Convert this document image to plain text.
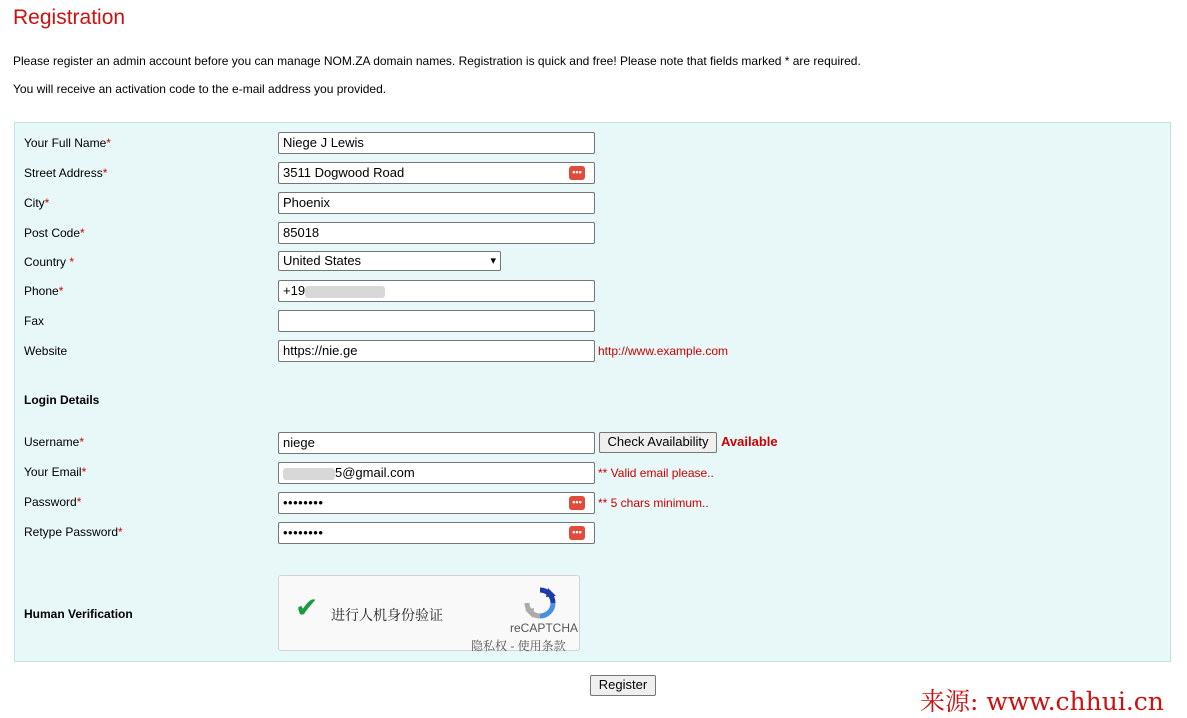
Registration
Please register an admin account before you can manage NOM.ZA domain names. Registration is quick and free! Please note that fields marked * are required.
You will receive an activation code to the e-mail address you provided.
Your Full Name*	Niege J Lewis
Street Address*	3511 Dogwood Road	•••
City*	Phoenix
Post Code*	85018
Country *	United States	▾
Phone*	+19
Fax
Website	https://nie.ge	http://www.example.com
Login Details
Username*	niege	Check Availability Available
Your Email*	5@gmail.com	** Valid email please..
Password*	••••••••	••• ** 5 chars minimum..
Retype Password*	••••••••	•••
Human Verification	✔ 进行人机身份验证
reCAPTCHA
隐私权 - 使用条款
Register
来源: www.chhui.cn
